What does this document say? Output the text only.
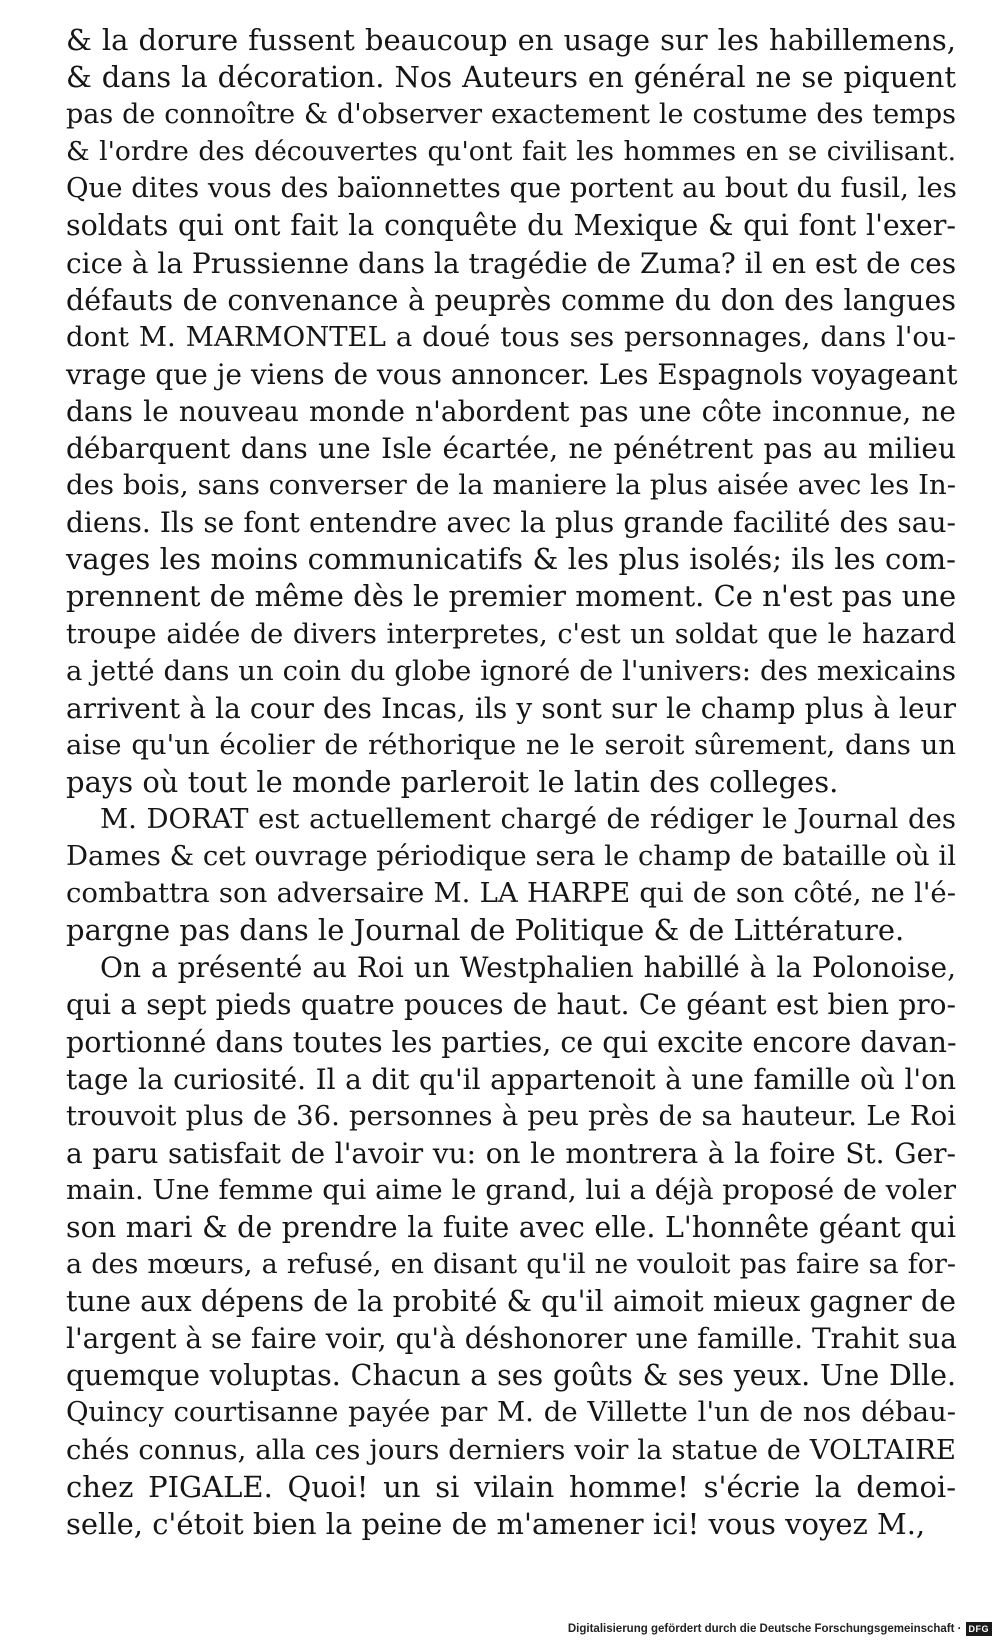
& la dorure fussent beaucoup en usage sur les habillemens,
& dans la décoration. Nos Auteurs en général ne se piquent
pas de connoître & d'observer exactement le costume des temps
& l'ordre des découvertes qu'ont fait les hommes en se civilisant.
Que dites vous des baïonnettes que portent au bout du fusil, les
soldats qui ont fait la conquête du Mexique & qui font l'exer-
cice à la Prussienne dans la tragédie de Zuma? il en est de ces
défauts de convenance à peuprès comme du don des langues
dont M. MARMONTEL a doué tous ses personnages, dans l'ou-
vrage que je viens de vous annoncer. Les Espagnols voyageant
dans le nouveau monde n'abordent pas une côte inconnue, ne
débarquent dans une Isle écartée, ne pénétrent pas au milieu
des bois, sans converser de la maniere la plus aisée avec les In-
diens. Ils se font entendre avec la plus grande facilité des sau-
vages les moins communicatifs & les plus isolés; ils les com-
prennent de même dès le premier moment. Ce n'est pas une
troupe aidée de divers interpretes, c'est un soldat que le hazard
a jetté dans un coin du globe ignoré de l'univers: des mexicains
arrivent à la cour des Incas, ils y sont sur le champ plus à leur
aise qu'un écolier de réthorique ne le seroit sûrement, dans un
pays où tout le monde parleroit le latin des colleges.
M. DORAT est actuellement chargé de rédiger le Journal des
Dames & cet ouvrage périodique sera le champ de bataille où il
combattra son adversaire M. LA HARPE qui de son côté, ne l'é-
pargne pas dans le Journal de Politique & de Littérature.
On a présenté au Roi un Westphalien habillé à la Polonoise,
qui a sept pieds quatre pouces de haut. Ce géant est bien pro-
portionné dans toutes les parties, ce qui excite encore davan-
tage la curiosité. Il a dit qu'il appartenoit à une famille où l'on
trouvoit plus de 36. personnes à peu près de sa hauteur. Le Roi
a paru satisfait de l'avoir vu: on le montrera à la foire St. Ger-
main. Une femme qui aime le grand, lui a déjà proposé de voler
son mari & de prendre la fuite avec elle. L'honnête géant qui
a des mœurs, a refusé, en disant qu'il ne vouloit pas faire sa for-
tune aux dépens de la probité & qu'il aimoit mieux gagner de
l'argent à se faire voir, qu'à déshonorer une famille. Trahit sua
quemque voluptas. Chacun a ses goûts & ses yeux. Une Dlle.
Quincy courtisanne payée par M. de Villette l'un de nos débau-
chés connus, alla ces jours derniers voir la statue de VOLTAIRE
chez PIGALE. Quoi! un si vilain homme! s'écrie la demoi-
selle, c'étoit bien la peine de m'amener ici! vous voyez M.,
Digitalisierung gefördert durch die Deutsche Forschungsgemeinschaft · DFG
